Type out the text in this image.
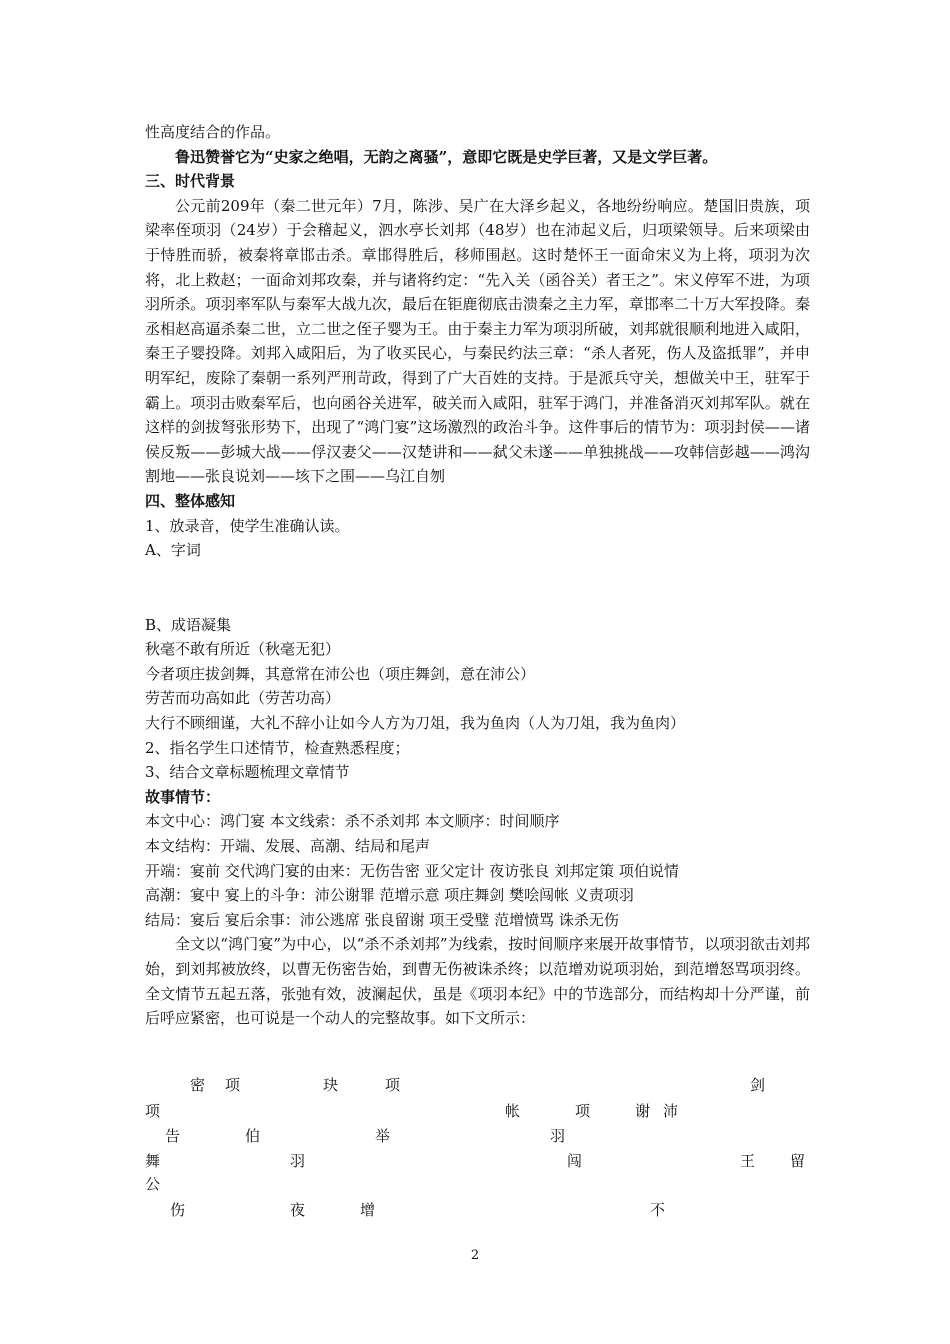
性高度结合的作品。
鲁迅赞誉它为“史家之绝唱，无韵之离骚”，意即它既是史学巨著，又是文学巨著。
三、时代背景
公元前209年（秦二世元年）7月，陈涉、吴广在大泽乡起义，各地纷纷响应。楚国旧贵族，项梁率侄项羽（24岁）于会稽起义，泗水亭长刘邦（48岁）也在沛起义后，归项梁领导。后来项梁由于恃胜而骄，被秦将章邯击杀。章邯得胜后，移师围赵。这时楚怀王一面命宋义为上将，项羽为次将，北上救赵；一面命刘邦攻秦，并与诸将约定：“先入关（函谷关）者王之”。宋义停军不进，为项羽所杀。项羽率军队与秦军大战九次，最后在钜鹿彻底击溃秦之主力军，章邯率二十万大军投降。秦丞相赵高逼杀秦二世，立二世之侄子婴为王。由于秦主力军为项羽所破，刘邦就很顺利地进入咸阳，秦王子婴投降。刘邦入咸阳后，为了收买民心，与秦民约法三章：“杀人者死，伤人及盗抵罪”，并申明军纪，废除了秦朝一系列严刑苛政，得到了广大百姓的支持。于是派兵守关，想做关中王，驻军于霸上。项羽击败秦军后，也向函谷关进军，破关而入咸阳，驻军于鸿门，并准备消灭刘邦军队。就在这样的剑拔弩张形势下，出现了“鸿门宴”这场激烈的政治斗争。这件事后的情节为：项羽封侯——诸侯反叛——彭城大战——俘汉妻父——汉楚讲和——弑父未遂——单独挑战——攻韩信彭越——鸿沟割地——张良说刘——垓下之围——乌江自刎
四、整体感知
1、放录音，使学生准确认读。
A、字词
B、成语凝集
秋毫不敢有所近（秋毫无犯）
今者项庄拔剑舞，其意常在沛公也（项庄舞剑，意在沛公）
劳苦而功高如此（劳苦功高）
大行不顾细谨，大礼不辞小让如今人方为刀俎，我为鱼肉（人为刀俎，我为鱼肉）
2、指名学生口述情节，检查熟悉程度；
3、结合文章标题梳理文章情节
故事情节：
本文中心：鸿门宴 本文线索：杀不杀刘邦 本文顺序：时间顺序
本文结构：开端、发展、高潮、结局和尾声
开端：宴前 交代鸿门宴的由来：无伤告密 亚父定计 夜访张良 刘邦定策 项伯说情
高潮：宴中 宴上的斗争：沛公谢罪 范增示意 项庄舞剑 樊哙闯帐 义责项羽
结局：宴后 宴后余事：沛公逃席 张良留谢 项王受璧 范增愤骂 诛杀无伤
全文以“鸿门宴”为中心，以“杀不杀刘邦”为线索，按时间顺序来展开故事情节，以项羽欲击刘邦始，到刘邦被放终，以曹无伤密告始，到曹无伤被诛杀终；以范增劝说项羽始，到范增怒骂项羽终。全文情节五起五落，张弛有效，波澜起伏，虽是《项羽本纪》中的节选部分，而结构却十分严谨，前后呼应紧密，也可说是一个动人的完整故事。如下文所示：
密 项	玦	项	剑
项	帐	项	谢 沛
告	伯	举	羽
舞	羽	闯	王 留
公
伤	夜	增	不
2
